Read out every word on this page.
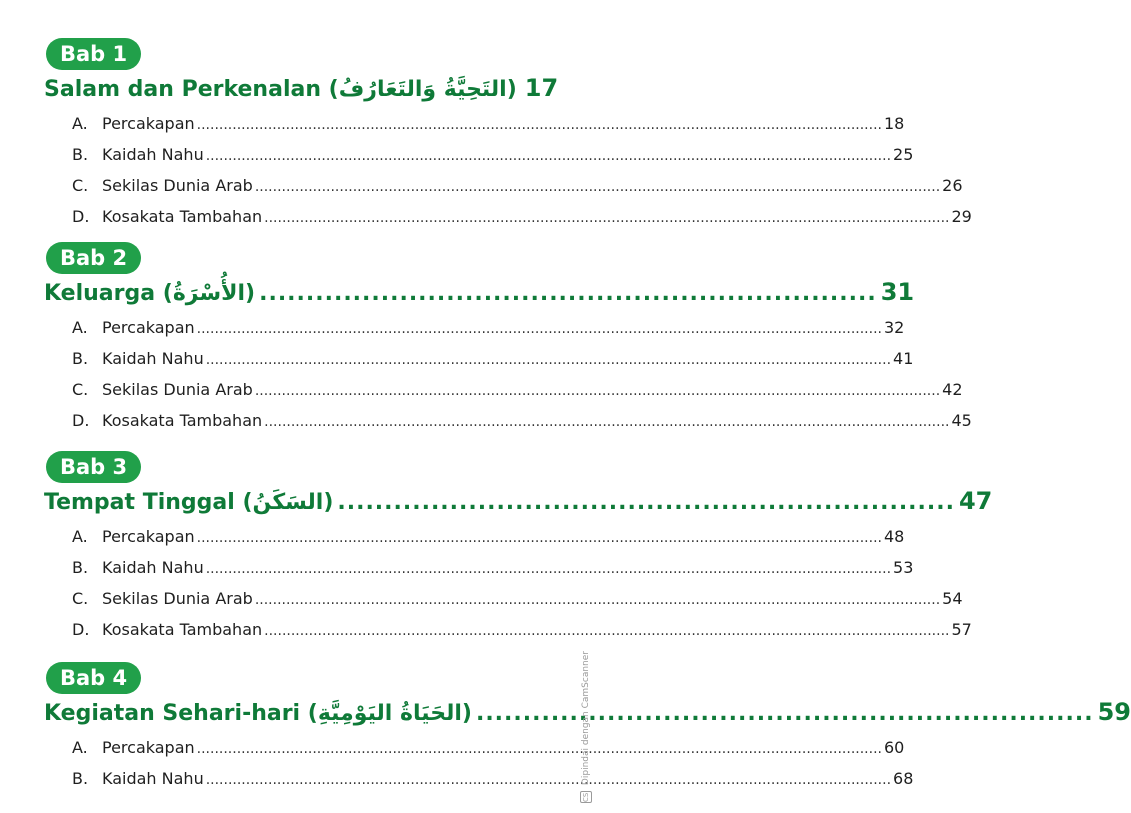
Bab 1
Salam dan Perkenalan (التَحِيَّةُ وَالتَعَارُفُ) 17
A. Percakapan .......................................................................................................................................................... 18
B. Kaidah Nahu .......................................................................................................................................................... 25
C. Sekilas Dunia Arab .......................................................................................................................................................... 26
D. Kosakata Tambahan .......................................................................................................................................................... 29
Bab 2
Keluarga (الأُسْرَةُ) .................................................................. 31
A. Percakapan .......................................................................................................................................................... 32
B. Kaidah Nahu .......................................................................................................................................................... 41
C. Sekilas Dunia Arab .......................................................................................................................................................... 42
D. Kosakata Tambahan .......................................................................................................................................................... 45
Bab 3
Tempat Tinggal (السَكَنُ) .................................................................. 47
A. Percakapan .......................................................................................................................................................... 48
B. Kaidah Nahu .......................................................................................................................................................... 53
C. Sekilas Dunia Arab .......................................................................................................................................................... 54
D. Kosakata Tambahan .......................................................................................................................................................... 57
Bab 4
Kegiatan Sehari-hari (الحَيَاةُ اليَوْمِيَّةِ) .................................................................. 59
A. Percakapan .......................................................................................................................................................... 60
B. Kaidah Nahu .......................................................................................................................................................... 68
CS Dipindai dengan CamScanner
